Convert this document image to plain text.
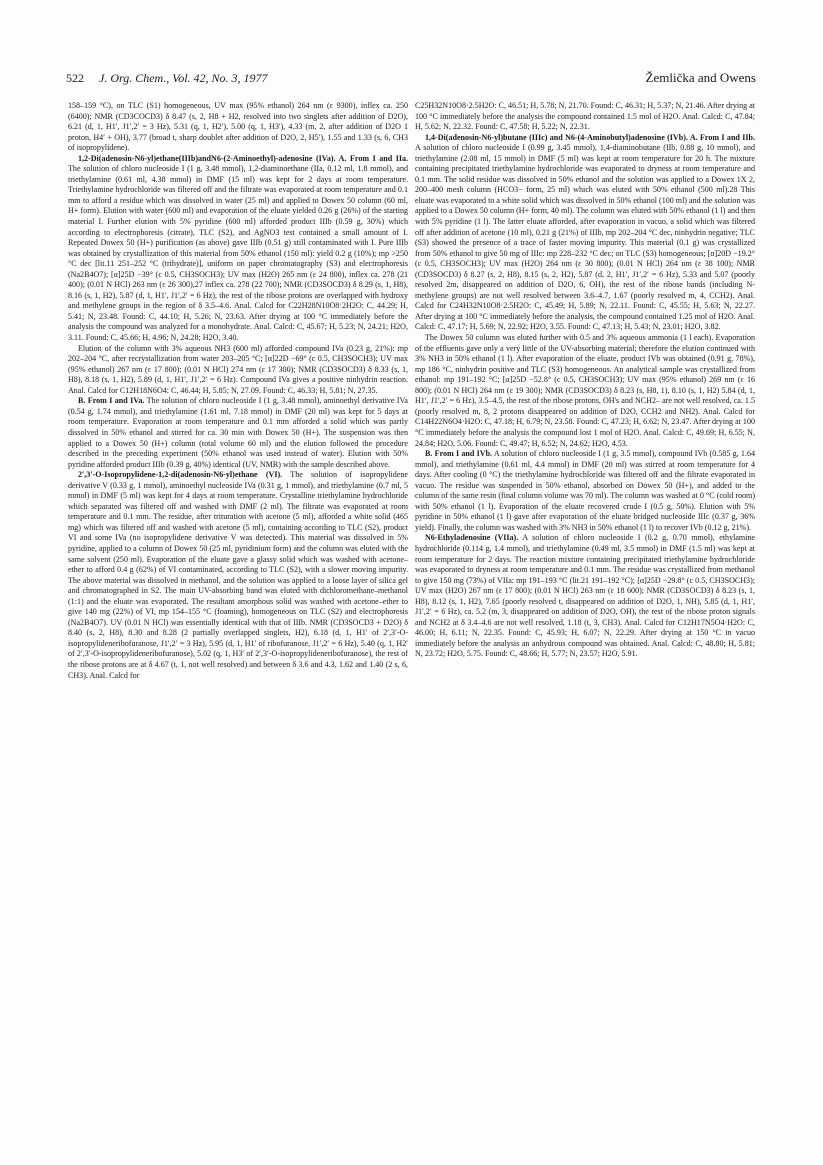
522 J. Org. Chem., Vol. 42, No. 3, 1977	Žemlička and Owens

158–159 °C), on TLC (S1) homogeneous, UV max (95% ethanol) 264 nm (ε 9300), inflex ca. 250 (6400); NMR (CD3COCD3) δ 8.47 (s, 2, H8 + H2, resolved into two singlets after addition of D2O), 6.21 (d, 1, H1′, J1′,2′ = 3 Hz), 5.31 (q, 1, H2′), 5.00 (q, 1, H3′), 4.33 (m, 2, after addition of D2O 1 proton, H4′ + OH), 3.77 (broad t, sharp doublet after addition of D2O, 2, H5′), 1.55 and 1.33 (s, 6, CH3 of isopropylidene).

1,2-Di(adenosin-N6-yl)ethane(IIIb)andN6-(2-Aminoethyl)-adenosine (IVa). A. From I and IIa. The solution of chloro nucleoside I (1 g, 3.48 mmol), 1,2-diaminoethane (IIa, 0.12 ml, 1.8 mmol), and triethylamine (0.61 ml, 4.38 mmol) in DMF (15 ml) was kept for 2 days at room temperature. Triethylamine hydrochloride was filtered off and the filtrate was evaporated at room temperature and 0.1 mm to afford a residue which was dissolved in water (25 ml) and applied to Dowex 50 column (60 ml, H+ form). Elution with water (600 ml) and evaporation of the eluate yielded 0.26 g (26%) of the starting material I. Further elution with 5% pyridine (600 ml) afforded product IIIb (0.59 g, 30%) which according to electrophoresis (citrate), TLC (S2), and AgNO3 test contained a small amount of I. Repeated Dowex 50 (H+) purification (as above) gave IIIb (0.51 g) still contaminated with I. Pure IIIb was obtained by crystallization of this material from 50% ethanol (150 ml): yield 0.2 g (10%); mp >250 °C dec [lit.11 251–252 °C (trihydrate)], uniform on paper chromatography (S3) and electrophoresis (Na2B4O7); [α]25D −39° (c 0.5, CH3SOCH3); UV max (H2O) 265 nm (ε 24 800), inflex ca. 278 (21 400); (0.01 N HCl) 263 nm (ε 26 300),27 inflex ca. 278 (22 700); NMR (CD3SOCD3) δ 8.29 (s, 1, H8), 8.16 (s, 1, H2), 5.87 (d, 1, H1′, J1′,2′ = 6 Hz), the rest of the ribose protons are overlapped with hydroxy and methylene groups in the region of δ 3.5–4.6. Anal. Calcd for C22H28N10O8·2H2O: C, 44.29; H, 5.41; N, 23.48. Found: C, 44.10; H, 5.26; N, 23.63. After drying at 100 °C immediately before the analysis the compound was analyzed for a monohydrate. Anal. Calcd: C, 45.67; H, 5.23; N, 24.21; H2O, 3.11. Found: C, 45.66; H, 4.96; N, 24.28; H2O, 3.40.

Elution of the column with 3% aqueous NH3 (600 ml) afforded compound IVa (0.23 g, 21%): mp 202–204 °C, after recrystallization from water 203–205 °C; [α]22D −69° (c 0.5, CH3SOCH3); UV max (95% ethanol) 267 nm (ε 17 800); (0.01 N HCl) 274 nm (ε 17 300); NMR (CD3SOCD3) δ 8.33 (s, 1, H8), 8.18 (s, 1, H2), 5.89 (d, 1, H1′, J1′,2′ = 6 Hz). Compound IVa gives a positive ninhydrin reaction. Anal. Calcd for C12H18N6O4: C, 46.44; H, 5.85; N, 27.09. Found: C, 46.33; H, 5.81; N, 27.35.

B. From I and IVa. The solution of chloro nucleoside I (1 g, 3.48 mmol), aminoethyl derivative IVa (0.54 g, 1.74 mmol), and triethylamine (1.61 ml, 7.18 mmol) in DMF (20 ml) was kept for 5 days at room temperature. Evaporation at room temperature and 0.1 mm afforded a solid which was partly dissolved in 50% ethanol and stirred for ca. 30 min with Dowex 50 (H+). The suspension was then applied to a Dowex 50 (H+) column (total volume 60 ml) and the elution followed the procedure described in the preceding experiment (50% ethanol was used instead of water). Elution with 50% pyridine afforded product IIIb (0.39 g, 40%) identical (UV, NMR) with the sample described above.

2′,3′-O-Isopropylidene-1,2-di(adenosin-N6-yl)ethane (VI). The solution of isopropylidene derivative V (0.33 g, 1 mmol), aminoethyl nucleoside IVa (0.31 g, 1 mmol), and triethylamine (0.7 ml, 5 mmol) in DMF (5 ml) was kept for 4 days at room temperature. Crystalline triethylamine hydrochloride which separated was filtered off and washed with DMF (2 ml). The filtrate was evaporated at room temperature and 0.1 mm. The residue, after trituration with acetone (5 ml), afforded a white solid (465 mg) which was filtered off and washed with acetone (5 ml), containing according to TLC (S2), product VI and some IVa (no isopropylidene derivative V was detected). This material was dissolved in 5% pyridine, applied to a column of Dowex 50 (25 ml, pyridinium form) and the column was eluted with the same solvent (250 ml). Evaporation of the eluate gave a glassy solid which was washed with acetone–ether to afford 0.4 g (62%) of VI contaminated, according to TLC (S2), with a slower moving impurity. The above material was dissolved in methanol, and the solution was applied to a loose layer of silica gel and chromatographed in S2. The main UV-absorbing band was eluted with dichloromethane–methanol (1:1) and the eluate was evaporated. The resultant amorphous solid was washed with acetone–ether to give 140 mg (22%) of VI, mp 154–155 °C (foaming), homogeneous on TLC (S2) and electrophoresis (Na2B4O7). UV (0.01 N HCl) was essentially identical with that of IIIb. NMR (CD3SOCD3 + D2O) δ 8.40 (s, 2, H8), 8.30 and 8.28 (2 partially overlapped singlets, H2), 6.18 (d, 1, H1′ of 2′,3′-O-isopropylideneribofuranose, J1′,2′ = 3 Hz), 5.95 (d, 1, H1′ of ribofuranose, J1′,2′ = 6 Hz), 5.40 (q, 1, H2′ of 2′,3′-O-isopropylideneribofuranose), 5.02 (q, 1, H3′ of 2′,3′-O-isopropylideneribofuranose), the rest of the ribose protons are at δ 4.67 (t, 1, not well resolved) and between δ 3.6 and 4.3, 1.62 and 1.40 (2 s, 6, CH3). Anal. Calcd for

C25H32N10O8·2.5H2O: C, 46.51; H, 5.78; N, 21.70. Found: C, 46.31; H, 5.37; N, 21.46. After drying at 100 °C immediately before the analysis the compound contained 1.5 mol of H2O. Anal. Calcd: C, 47.84; H, 5.62; N, 22.32. Found: C, 47.58; H, 5.22; N, 22.31.

1,4-Di(adenosin-N6-yl)butane (IIIc) and N6-(4-Aminobutyl)adenosine (IVb). A. From I and IIb. A solution of chloro nucleoside I (0.99 g, 3.45 mmol), 1,4-diaminobutane (IIb, 0.88 g, 10 mmol), and triethylamine (2.08 ml, 15 mmol) in DMF (5 ml) was kept at room temperature for 20 h. The mixture containing precipitated triethylamine hydrochloride was evaporated to dryness at room temperature and 0.1 mm. The solid residue was dissolved in 50% ethanol and the solution was applied to a Dowex 1X 2, 200–400 mesh column (HCO3− form, 25 ml) which was eluted with 50% ethanol (500 ml).28 This eluate was evaporated to a white solid which was dissolved in 50% ethanol (100 ml) and the solution was applied to a Dowex 50 column (H+ form, 40 ml). The column was eluted with 50% ethanol (1 l) and then with 5% pyridine (1 l). The latter eluate afforded, after evaporation in vacuo, a solid which was filtered off after addition of acetone (10 ml), 0.21 g (21%) of IIIb, mp 202–204 °C dec, ninhydrin negative; TLC (S3) showed the presence of a trace of faster moving impurity. This material (0.1 g) was crystallized from 50% ethanol to give 50 mg of IIIc: mp 228–232 °C dec; on TLC (S3) homogeneous; [α]20D −19.2° (c 0.5, CH3SOCH3); UV max (H2O) 264 nm (ε 30 800); (0.01 N HCl) 264 nm (ε 38 100); NMR (CD3SOCD3) δ 8.27 (s, 2, H8), 8.15 (s, 2, H2), 5.87 (d, 2, H1′, J1′,2′ = 6 Hz), 5.33 and 5.07 (poorly resolved 2m, disappeared on addition of D2O, 6, OH), the rest of the ribose bands (including N-methylene groups) are not well resolved between 3.6–4.7, 1.67 (poorly resolved m, 4, CCH2). Anal. Calcd for C24H32N10O8·2.5H2O: C, 45.49; H, 5.89; N, 22.11. Found: C, 45.55; H, 5.63; N, 22.27. After drying at 100 °C immediately before the analysis, the compound contained 1.25 mol of H2O. Anal. Calcd: C, 47.17; H, 5.69; N, 22.92; H2O, 3.55. Found: C, 47.13; H, 5.43; N, 23.01; H2O, 3.82.

The Dowex 50 column was eluted further with 0.5 and 3% aqueous ammonia (1 l each). Evaporation of the effluents gave only a very little of the UV-absorbing material; therefore the elution continued with 3% NH3 in 50% ethanol (1 l). After evaporation of the eluate, product IVb was obtained (0.91 g, 78%), mp 186 °C, ninhydrin positive and TLC (S3) homogeneous. An analytical sample was crystallized from ethanol: mp 191–192 °C; [α]25D −52.8° (c 0.5, CH3SOCH3); UV max (95% ethanol) 269 nm (ε 16 800); (0.01 N HCl) 264 nm (ε 19 300); NMR (CD3SOCD3) δ 8.23 (s, H8, 1), 8.10 (s, 1, H2) 5.84 (d, 1, H1′, J1′,2′ = 6 Hz), 3.5–4.5, the rest of the ribose protons, OH's and NCH2– are not well resolved, ca. 1.5 (poorly resolved m, 8, 2 protons disappeared on addition of D2O, CCH2 and NH2). Anal. Calcd for C14H22N6O4·H2O: C, 47.18; H, 6.79; N, 23.58. Found: C, 47.23; H, 6.62; N, 23.47. After drying at 100 °C immediately before the analysis the compound lost 1 mol of H2O. Anal. Calcd: C, 49.69; H, 6.55; N, 24.84; H2O, 5.06. Found: C, 49.47; H, 6.52; N, 24.62; H2O, 4.53.

B. From I and IVb. A solution of chloro nucleoside I (1 g, 3.5 mmol), compound IVb (0.585 g, 1.64 mmol), and triethylamine (0.61 ml, 4.4 mmol) in DMF (20 ml) was stirred at room temperature for 4 days. After cooling (0 °C) the triethylamine hydrochloride was filtered off and the filtrate evaporated in vacuo. The residue was suspended in 50% ethanol, absorbed on Dowex 50 (H+), and added to the column of the same resin (final column volume was 70 ml). The column was washed at 0 °C (cold room) with 50% ethanol (1 l). Evaporation of the eluate recovered crude I (0.5 g, 50%). Elution with 5% pyridine in 50% ethanol (1 l) gave after evaporation of the eluate bridged nucleoside IIIc (0.37 g, 36% yield). Finally, the column was washed with 3% NH3 in 50% ethanol (1 l) to recover IVb (0.12 g, 21%).

N6-Ethyladenosine (VIIa). A solution of chloro nucleoside I (0.2 g, 0.70 mmol), ethylamine hydrochloride (0.114 g, 1.4 mmol), and triethylamine (0.49 ml, 3.5 mmol) in DMF (1.5 ml) was kept at room temperature for 2 days. The reaction mixture containing precipitated triethylamine hydrochloride was evaporated to dryness at room temperature and 0.1 mm. The residue was crystallized from methanol to give 150 mg (73%) of VIIa: mp 191–193 °C (lit.21 191–192 °C); [α]25D −29.8° (c 0.5, CH3SOCH3); UV max (H2O) 267 nm (ε 17 800); (0.01 N HCl) 263 nm (ε 18 600); NMR (CD3SOCD3) δ 8.23 (s, 1, H8), 8.12 (s, 1, H2), 7.65 (poorly resolved t, disappeared on addition of D2O, 1, NH), 5.85 (d, 1, H1′, J1′,2′ = 6 Hz), ca. 5.2 (m, 3, disappeared on addition of D2O, OH), the rest of the ribose proton signals and NCH2 at δ 3.4–4.6 are not well resolved, 1.18 (t, 3, CH3). Anal. Calcd for C12H17N5O4·H2O: C, 46.00; H, 6.11; N, 22.35. Found: C, 45.93; H, 6.07; N, 22.29. After drying at 150 °C in vacuo immediately before the analysis an anhydrous compound was obtained. Anal. Calcd: C, 48.80; H, 5.81; N, 23.72; H2O, 5.75. Found: C, 48.66; H, 5.77; N, 23.57; H2O, 5.91.
